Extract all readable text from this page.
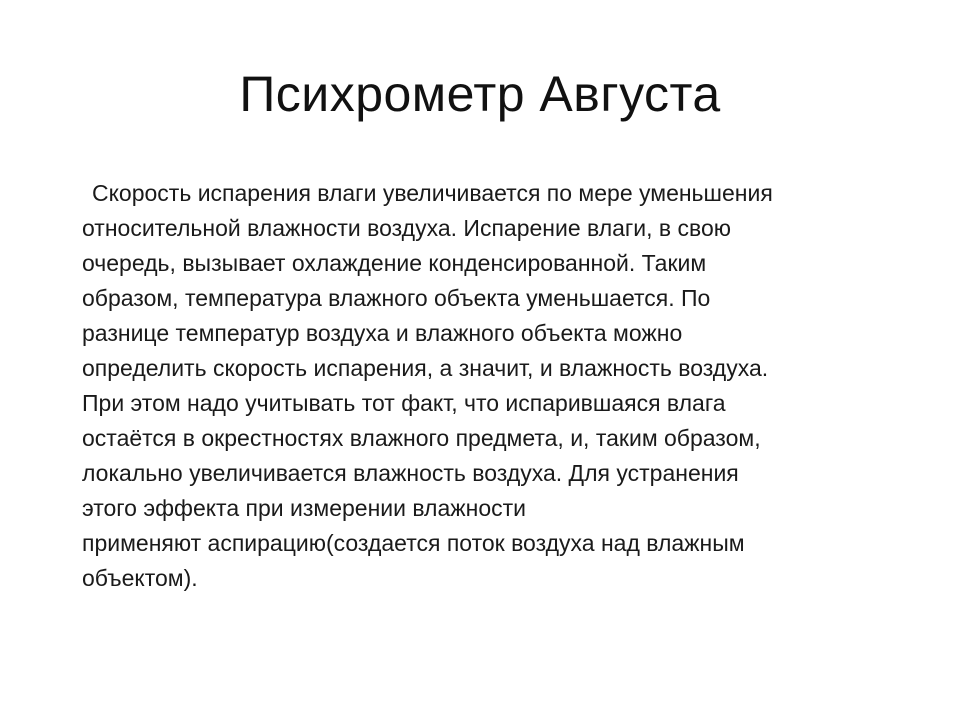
Психрометр Августа
Скорость испарения влаги увеличивается по мере уменьшения
относительной влажности воздуха. Испарение влаги, в свою
очередь, вызывает охлаждение конденсированной. Таким
образом, температура влажного объекта уменьшается. По
разнице температур воздуха и влажного объекта можно
определить скорость испарения, а значит, и влажность воздуха.
При этом надо учитывать тот факт, что испарившаяся влага
остаётся в окрестностях влажного предмета, и, таким образом,
локально увеличивается влажность воздуха. Для устранения
этого эффекта при измерении влажности
применяют аспирацию(создается поток воздуха над влажным
объектом).
